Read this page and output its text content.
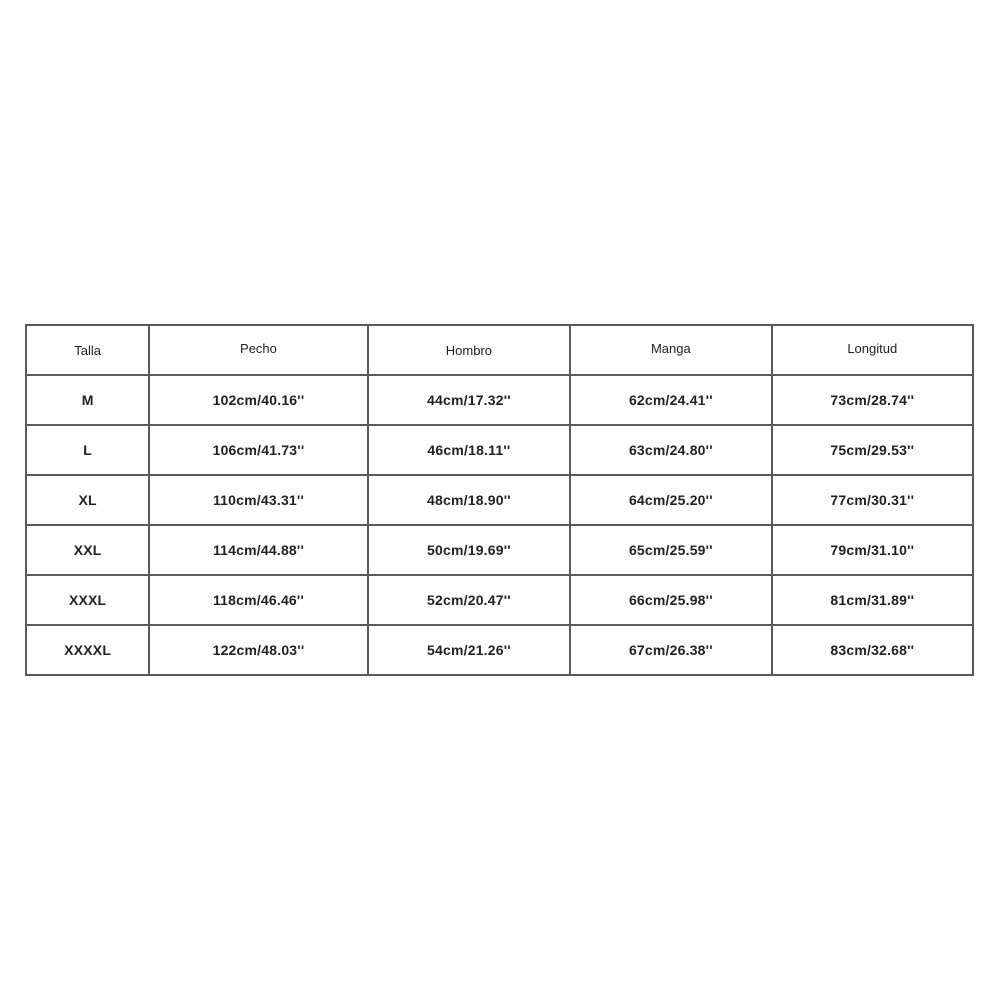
Talla	Pecho	Hombro	Manga	Longitud
M	102cm/40.16''	44cm/17.32''	62cm/24.41''	73cm/28.74''
L	106cm/41.73''	46cm/18.11''	63cm/24.80''	75cm/29.53''
XL	110cm/43.31''	48cm/18.90''	64cm/25.20''	77cm/30.31''
XXL	114cm/44.88''	50cm/19.69''	65cm/25.59''	79cm/31.10''
XXXL	118cm/46.46''	52cm/20.47''	66cm/25.98''	81cm/31.89''
XXXXL	122cm/48.03''	54cm/21.26''	67cm/26.38''	83cm/32.68''
